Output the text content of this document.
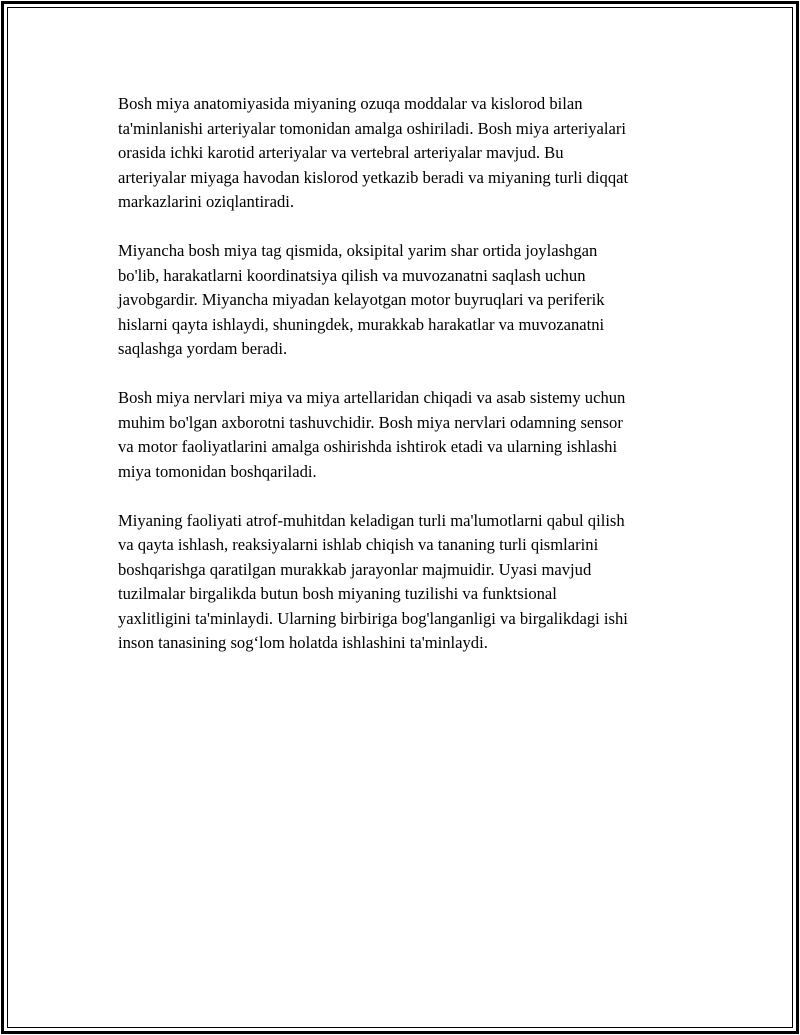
Bosh miya anatomiyasida miyaning ozuqa moddalar va kislorod bilan
ta'minlanishi arteriyalar tomonidan amalga oshiriladi. Bosh miya arteriyalari
orasida ichki karotid arteriyalar va vertebral arteriyalar mavjud. Bu
arteriyalar miyaga havodan kislorod yetkazib beradi va miyaning turli diqqat
markazlarini oziqlantiradi.

Miyancha bosh miya tag qismida, oksipital yarim shar ortida joylashgan
bo'lib, harakatlarni koordinatsiya qilish va muvozanatni saqlash uchun
javobgardir. Miyancha miyadan kelayotgan motor buyruqlari va periferik
hislarni qayta ishlaydi, shuningdek, murakkab harakatlar va muvozanatni
saqlashga yordam beradi.

Bosh miya nervlari miya va miya artellaridan chiqadi va asab sistemy uchun
muhim bo'lgan axborotni tashuvchidir. Bosh miya nervlari odamning sensor
va motor faoliyatlarini amalga oshirishda ishtirok etadi va ularning ishlashi
miya tomonidan boshqariladi.

Miyaning faoliyati atrof-muhitdan keladigan turli ma'lumotlarni qabul qilish
va qayta ishlash, reaksiyalarni ishlab chiqish va tananing turli qismlarini
boshqarishga qaratilgan murakkab jarayonlar majmuidir. Uyasi mavjud
tuzilmalar birgalikda butun bosh miyaning tuzilishi va funktsional
yaxlitligini ta'minlaydi. Ularning birbiriga bog'langanligi va birgalikdagi ishi
inson tanasining sog‘lom holatda ishlashini ta'minlaydi.
